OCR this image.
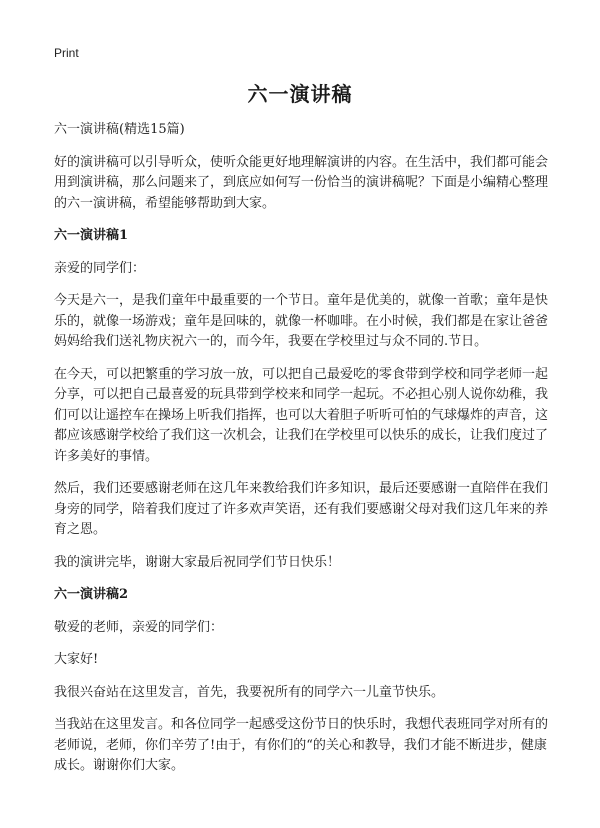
Print
六一演讲稿

六一演讲稿(精选15篇)

好的演讲稿可以引导听众，使听众能更好地理解演讲的内容。在生活中，我们都可能会用到演讲稿，那么问题来了，到底应如何写一份恰当的演讲稿呢？下面是小编精心整理的六一演讲稿，希望能够帮助到大家。

六一演讲稿1

亲爱的同学们：

今天是六一，是我们童年中最重要的一个节日。童年是优美的，就像一首歌；童年是快乐的，就像一场游戏；童年是回味的，就像一杯咖啡。在小时候，我们都是在家让爸爸妈妈给我们送礼物庆祝六一的，而今年，我要在学校里过与众不同的.节日。

在今天，可以把繁重的学习放一放，可以把自己最爱吃的零食带到学校和同学老师一起分享，可以把自己最喜爱的玩具带到学校来和同学一起玩。不必担心别人说你幼稚，我们可以让遥控车在操场上听我们指挥，也可以大着胆子听听可怕的气球爆炸的声音，这都应该感谢学校给了我们这一次机会，让我们在学校里可以快乐的成长，让我们度过了许多美好的事情。

然后，我们还要感谢老师在这几年来教给我们许多知识，最后还要感谢一直陪伴在我们身旁的同学，陪着我们度过了许多欢声笑语，还有我们要感谢父母对我们这几年来的养育之恩。

我的演讲完毕，谢谢大家最后祝同学们节日快乐！

六一演讲稿2

敬爱的老师，亲爱的同学们：

大家好!

我很兴奋站在这里发言，首先，我要祝所有的同学六一儿童节快乐。

当我站在这里发言。和各位同学一起感受这份节日的快乐时，我想代表班同学对所有的老师说，老师，你们辛劳了!由于，有你们的“的关心和教导，我们才能不断进步，健康成长。谢谢你们大家。
